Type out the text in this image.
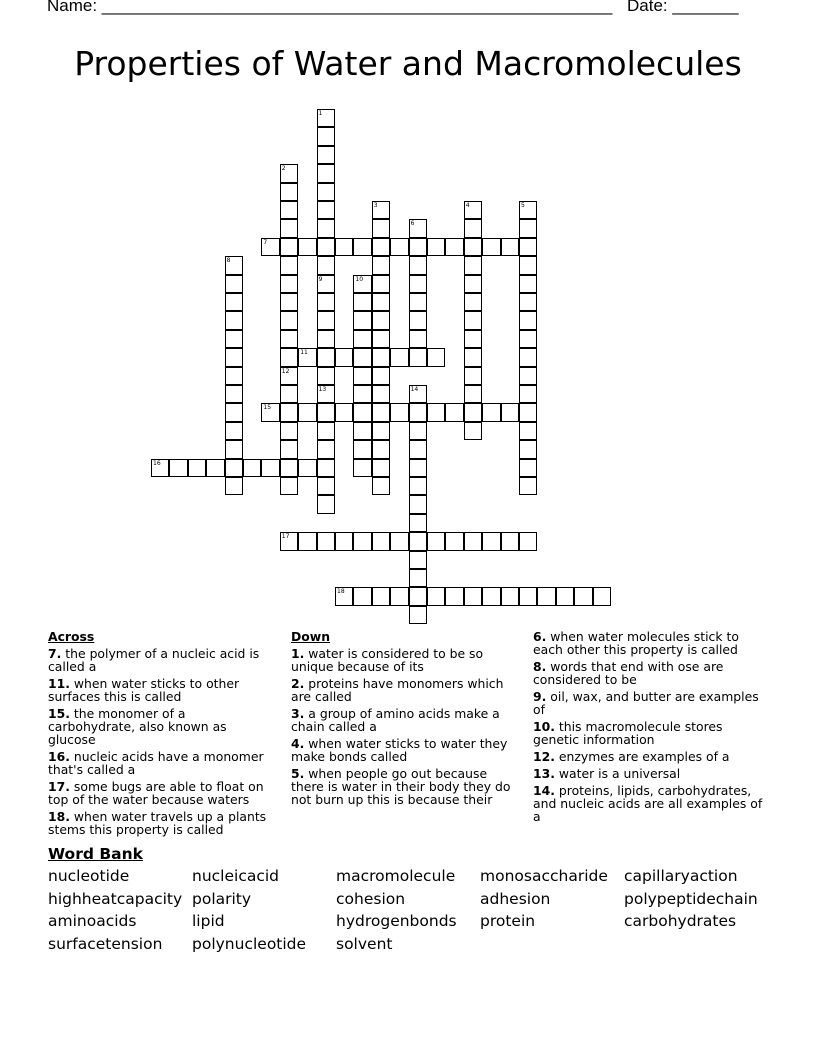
Name: ______________________________________________________ Date: _______
Properties of Water and Macromolecules
1
2
3	4	5
6
7
8
9	10
11
12
13	14
15
16
17
18
Across
7. the polymer of a nucleic acid is called a
11. when water sticks to other surfaces this is called
15. the monomer of a carbohydrate, also known as glucose
16. nucleic acids have a monomer that's called a
17. some bugs are able to float on top of the water because waters
18. when water travels up a plants stems this property is called
Down
1. water is considered to be so unique because of its
2. proteins have monomers which are called
3. a group of amino acids make a chain called a
4. when water sticks to water they make bonds called
5. when people go out because there is water in their body they do not burn up this is because their
6. when water molecules stick to each other this property is called
8. words that end with ose are considered to be
9. oil, wax, and butter are examples of
10. this macromolecule stores genetic information
12. enzymes are examples of a
13. water is a universal
14. proteins, lipids, carbohydrates, and nucleic acids are all examples of a
Word Bank
nucleotide	nucleicacid	macromolecule monosaccharide capillaryaction
highheatcapacity polarity	cohesion	adhesion	polypeptidechain
aminoacids	lipid	hydrogenbonds protein	carbohydrates
surfacetension polynucleotide solvent
